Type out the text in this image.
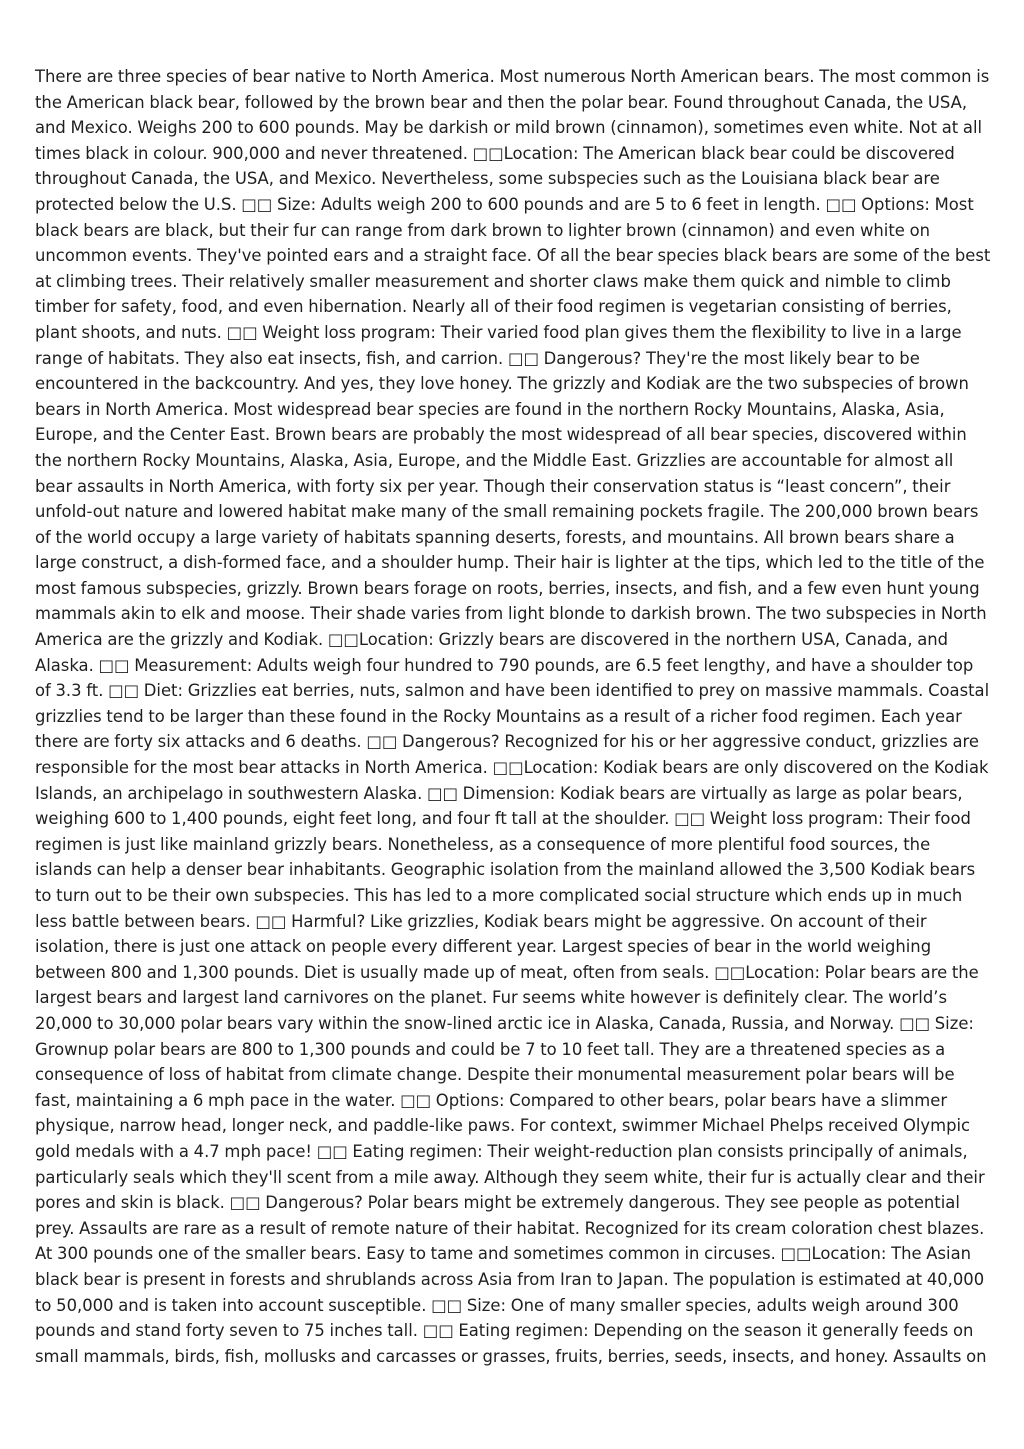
There are three species of bear native to North America. Most numerous North American bears. The most common is the American black bear, followed by the brown bear and then the polar bear. Found throughout Canada, the USA, and Mexico. Weighs 200 to 600 pounds. May be darkish or mild brown (cinnamon), sometimes even white. Not at all times black in colour. 900,000 and never threatened. □□Location: The American black bear could be discovered throughout Canada, the USA, and Mexico. Nevertheless, some subspecies such as the Louisiana black bear are protected below the U.S. □□ Size: Adults weigh 200 to 600 pounds and are 5 to 6 feet in length. □□ Options: Most black bears are black, but their fur can range from dark brown to lighter brown (cinnamon) and even white on uncommon events. They've pointed ears and a straight face. Of all the bear species black bears are some of the best at climbing trees. Their relatively smaller measurement and shorter claws make them quick and nimble to climb timber for safety, food, and even hibernation. Nearly all of their food regimen is vegetarian consisting of berries, plant shoots, and nuts. □□ Weight loss program: Their varied food plan gives them the flexibility to live in a large range of habitats. They also eat insects, fish, and carrion. □□ Dangerous? They're the most likely bear to be encountered in the backcountry. And yes, they love honey. The grizzly and Kodiak are the two subspecies of brown bears in North America. Most widespread bear species are found in the northern Rocky Mountains, Alaska, Asia, Europe, and the Center East. Brown bears are probably the most widespread of all bear species, discovered within the northern Rocky Mountains, Alaska, Asia, Europe, and the Middle East. Grizzlies are accountable for almost all bear assaults in North America, with forty six per year. Though their conservation status is “least concern”, their unfold-out nature and lowered habitat make many of the small remaining pockets fragile. The 200,000 brown bears of the world occupy a large variety of habitats spanning deserts, forests, and mountains. All brown bears share a large construct, a dish-formed face, and a shoulder hump. Their hair is lighter at the tips, which led to the title of the most famous subspecies, grizzly. Brown bears forage on roots, berries, insects, and fish, and a few even hunt young mammals akin to elk and moose. Their shade varies from light blonde to darkish brown. The two subspecies in North America are the grizzly and Kodiak. □□Location: Grizzly bears are discovered in the northern USA, Canada, and Alaska. □□ Measurement: Adults weigh four hundred to 790 pounds, are 6.5 feet lengthy, and have a shoulder top of 3.3 ft. □□ Diet: Grizzlies eat berries, nuts, salmon and have been identified to prey on massive mammals. Coastal grizzlies tend to be larger than these found in the Rocky Mountains as a result of a richer food regimen. Each year there are forty six attacks and 6 deaths. □□ Dangerous? Recognized for his or her aggressive conduct, grizzlies are responsible for the most bear attacks in North America. □□Location: Kodiak bears are only discovered on the Kodiak Islands, an archipelago in southwestern Alaska. □□ Dimension: Kodiak bears are virtually as large as polar bears, weighing 600 to 1,400 pounds, eight feet long, and four ft tall at the shoulder. □□ Weight loss program: Their food regimen is just like mainland grizzly bears. Nonetheless, as a consequence of more plentiful food sources, the islands can help a denser bear inhabitants. Geographic isolation from the mainland allowed the 3,500 Kodiak bears to turn out to be their own subspecies. This has led to a more complicated social structure which ends up in much less battle between bears. □□ Harmful? Like grizzlies, Kodiak bears might be aggressive. On account of their isolation, there is just one attack on people every different year. Largest species of bear in the world weighing between 800 and 1,300 pounds. Diet is usually made up of meat, often from seals. □□Location: Polar bears are the largest bears and largest land carnivores on the planet. Fur seems white however is definitely clear. The world’s 20,000 to 30,000 polar bears vary within the snow-lined arctic ice in Alaska, Canada, Russia, and Norway. □□ Size: Grownup polar bears are 800 to 1,300 pounds and could be 7 to 10 feet tall. They are a threatened species as a consequence of loss of habitat from climate change. Despite their monumental measurement polar bears will be fast, maintaining a 6 mph pace in the water. □□ Options: Compared to other bears, polar bears have a slimmer physique, narrow head, longer neck, and paddle-like paws. For context, swimmer Michael Phelps received Olympic gold medals with a 4.7 mph pace! □□ Eating regimen: Their weight-reduction plan consists principally of animals, particularly seals which they'll scent from a mile away. Although they seem white, their fur is actually clear and their pores and skin is black. □□ Dangerous? Polar bears might be extremely dangerous. They see people as potential prey. Assaults are rare as a result of remote nature of their habitat. Recognized for its cream coloration chest blazes. At 300 pounds one of the smaller bears. Easy to tame and sometimes common in circuses. □□Location: The Asian black bear is present in forests and shrublands across Asia from Iran to Japan. The population is estimated at 40,000 to 50,000 and is taken into account susceptible. □□ Size: One of many smaller species, adults weigh around 300 pounds and stand forty seven to 75 inches tall. □□ Eating regimen: Depending on the season it generally feeds on small mammals, birds, fish, mollusks and carcasses or grasses, fruits, berries, seeds, insects, and honey. Assaults on
